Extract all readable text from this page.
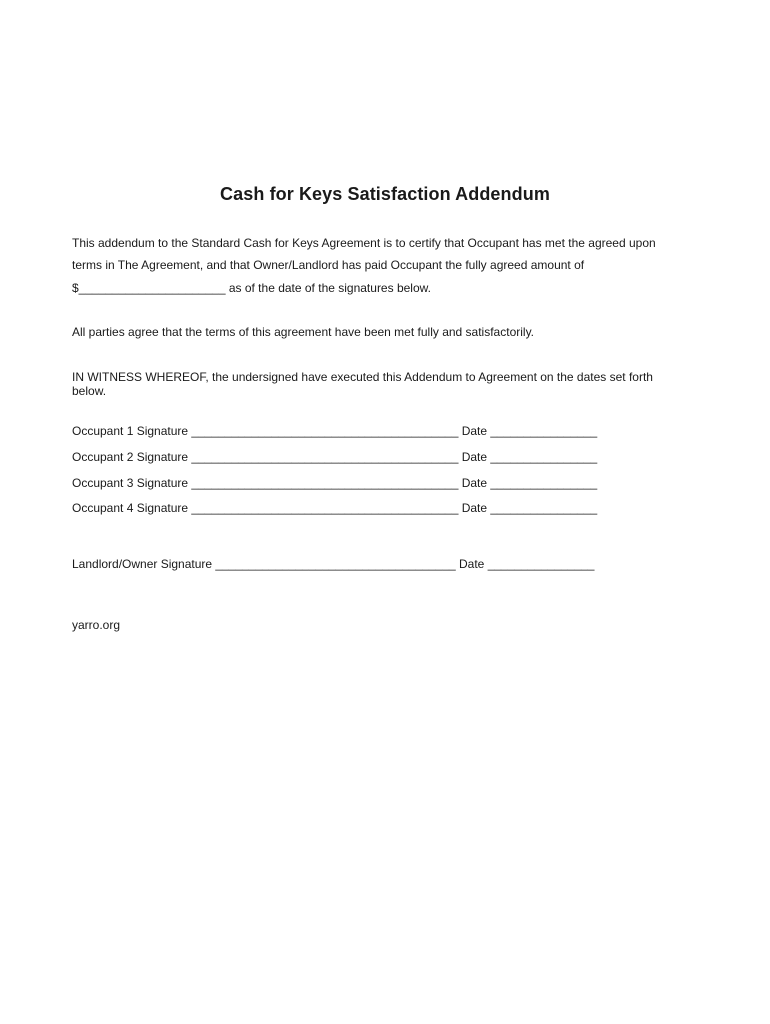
Cash for Keys Satisfaction Addendum
This addendum to the Standard Cash for Keys Agreement is to certify that Occupant has met the agreed upon
terms in The Agreement, and that Owner/Landlord has paid Occupant the fully agreed amount of
$______________________ as of the date of the signatures below.
All parties agree that the terms of this agreement have been met fully and satisfactorily.
IN WITNESS WHEREOF, the undersigned have executed this Addendum to Agreement on the dates set forth
below.
Occupant 1 Signature ________________________________________ Date ________________
Occupant 2 Signature ________________________________________ Date ________________
Occupant 3 Signature ________________________________________ Date ________________
Occupant 4 Signature ________________________________________ Date ________________
Landlord/Owner Signature ____________________________________ Date ________________
yarro.org
